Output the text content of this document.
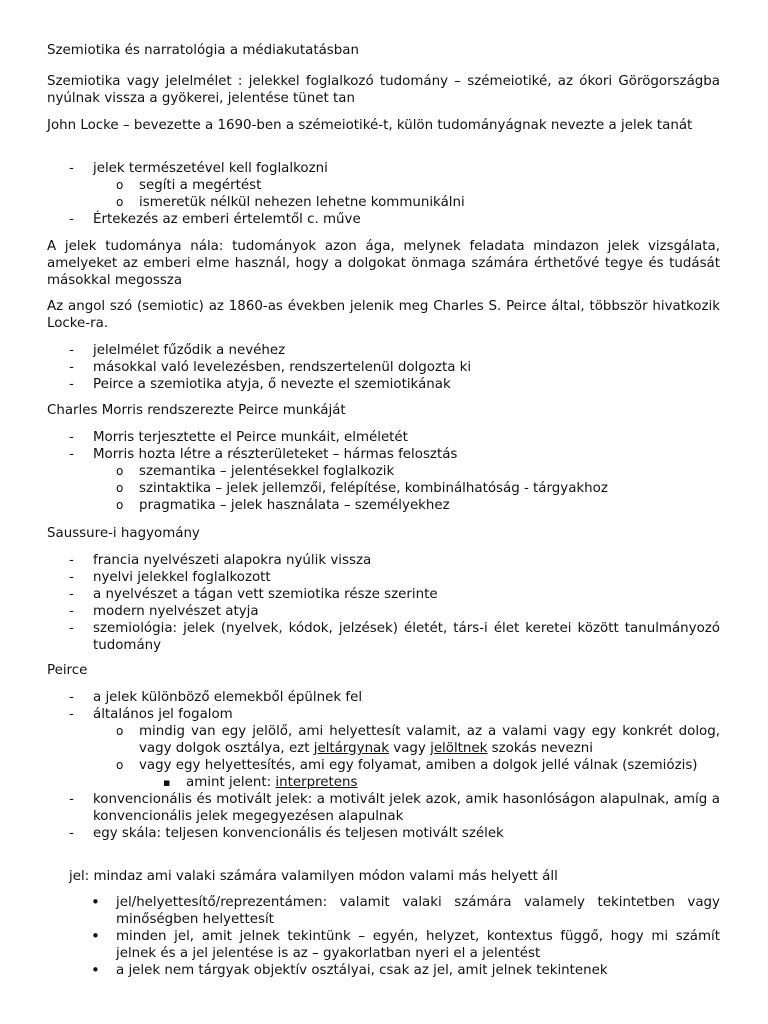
Szemiotika és narratológia a médiakutatásban

Szemiotika vagy jelelmélet : jelekkel foglalkozó tudomány – szémeiotiké, az ókori Görögországba nyúlnak vissza a gyökerei, jelentése tünet tan

John Locke – bevezette a 1690-ben a szémeiotiké-t, külön tudományágnak nevezte a jelek tanát

- jelek természetével kell foglalkozni
o segíti a megértést
o ismeretük nélkül nehezen lehetne kommunikálni
- Értekezés az emberi értelemtől c. műve

A jelek tudománya nála: tudományok azon ága, melynek feladata mindazon jelek vizsgálata, amelyeket az emberi elme használ, hogy a dolgokat önmaga számára érthetővé tegye és tudását másokkal megossza

Az angol szó (semiotic) az 1860-as években jelenik meg Charles S. Peirce által, többször hivatkozik Locke-ra.

- jelelmélet fűződik a nevéhez
- másokkal való levelezésben, rendszertelenül dolgozta ki
- Peirce a szemiotika atyja, ő nevezte el szemiotikának

Charles Morris rendszerezte Peirce munkáját

- Morris terjesztette el Peirce munkáit, elméletét
- Morris hozta létre a részterületeket – hármas felosztás
o szemantika – jelentésekkel foglalkozik
o szintaktika – jelek jellemzői, felépítése, kombinálhatóság - tárgyakhoz
o pragmatika – jelek használata – személyekhez

Saussure-i hagyomány

- francia nyelvészeti alapokra nyúlik vissza
- nyelvi jelekkel foglalkozott
- a nyelvészet a tágan vett szemiotika része szerinte
- modern nyelvészet atyja
- szemiológia: jelek (nyelvek, kódok, jelzések) életét, társ-i élet keretei között tanulmányozó tudomány

Peirce

- a jelek különböző elemekből épülnek fel
- általános jel fogalom
o mindig van egy jelölő, ami helyettesít valamit, az a valami vagy egy konkrét dolog, vagy dolgok osztálya, ezt jeltárgynak vagy jelöltnek szokás nevezni
o vagy egy helyettesítés, ami egy folyamat, amiben a dolgok jellé válnak (szemiózis)
▪ amint jelent: interpretens
- konvencionális és motivált jelek: a motivált jelek azok, amik hasonlóságon alapulnak, amíg a konvencionális jelek megegyezésen alapulnak
- egy skála: teljesen konvencionális és teljesen motivált szélek

jel: mindaz ami valaki számára valamilyen módon valami más helyett áll

• jel/helyettesítő/reprezentámen: valamit valaki számára valamely tekintetben vagy minőségben helyettesít
• minden jel, amit jelnek tekintünk – egyén, helyzet, kontextus függő, hogy mi számít jelnek és a jel jelentése is az – gyakorlatban nyeri el a jelentést
• a jelek nem tárgyak objektív osztályai, csak az jel, amit jelnek tekintenek
